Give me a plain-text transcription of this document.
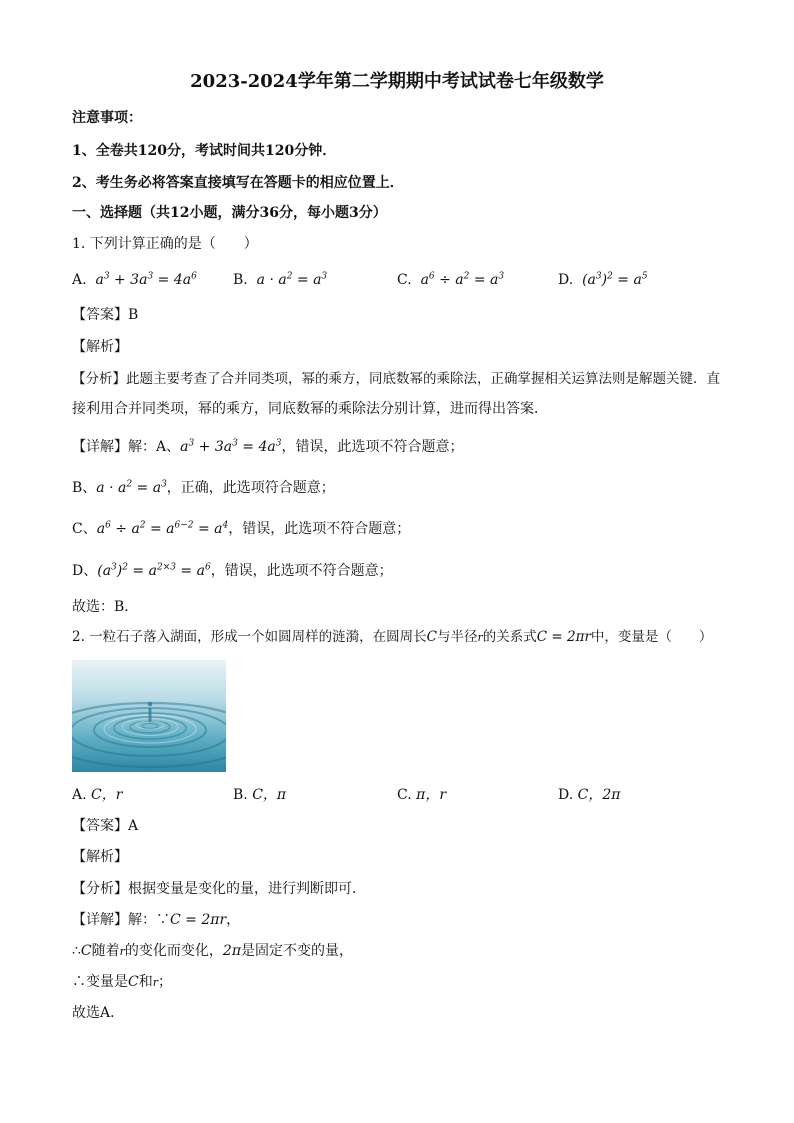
2023-2024学年第二学期期中考试试卷七年级数学
注意事项：
1、全卷共120分，考试时间共120分钟．
2、考生务必将答案直接填写在答题卡的相应位置上．
一、选择题（共12小题，满分36分，每小题3分）
1. 下列计算正确的是（　　）
A.  $a^3 + 3a^3 = 4a^6$	B.  $a \cdot a^2 = a^3$	C.  $a^6 \div a^2 = a^3$	D.  $(a^3)^2 = a^5$
【答案】B
【解析】
【分析】此题主要考查了合并同类项，幂的乘方，同底数幂的乘除法，正确掌握相关运算法则是解题关键．直
接利用合并同类项，幂的乘方，同底数幂的乘除法分别计算，进而得出答案．
【详解】解：A、$a^3 + 3a^3 = 4a^3$，错误，此选项不符合题意；
B、$a \cdot a^2 = a^3$，正确，此选项符合题意；
C、$a^6 \div a^2 = a^{6-2} = a^4$，错误，此选项不符合题意；
D、$(a^3)^2 = a^{2\times 3} = a^6$，错误，此选项不符合题意；
故选：B．
2. 一粒石子落入湖面，形成一个如圆周样的涟漪，在圆周长C与半径r的关系式C = 2πr中，变量是（　　）
A. C，r	B. C，π	C. π，r	D. C，2π
【答案】A
【解析】
【分析】根据变量是变化的量，进行判断即可．
【详解】解：∵C = 2πr，
∴C随着r的变化而变化，2π是固定不变的量，
∴变量是C和r；
故选A．
